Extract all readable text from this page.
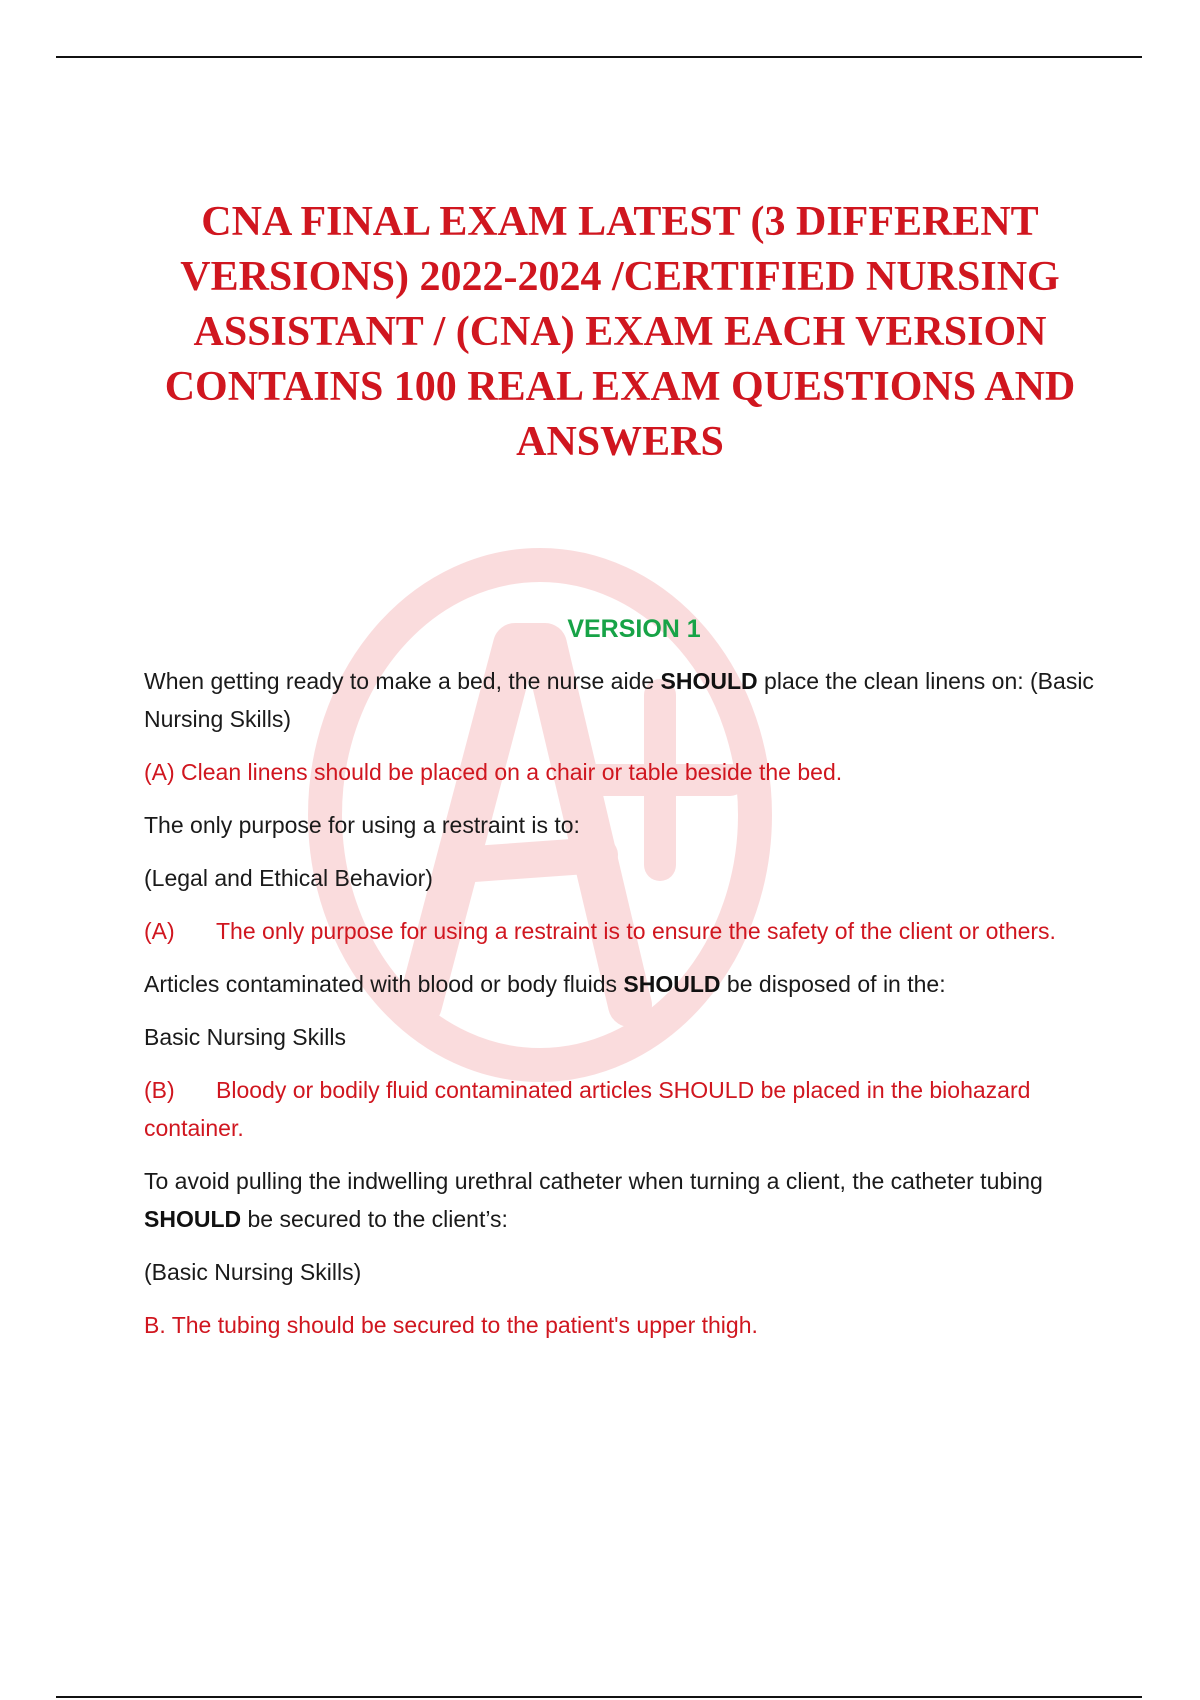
CNA FINAL EXAM LATEST (3 DIFFERENT VERSIONS) 2022-2024 /CERTIFIED NURSING ASSISTANT / (CNA) EXAM EACH VERSION CONTAINS 100 REAL EXAM QUESTIONS AND ANSWERS
VERSION 1

When getting ready to make a bed, the nurse aide SHOULD place the clean linens on: (Basic Nursing Skills)

(A) Clean linens should be placed on a chair or table beside the bed.

The only purpose for using a restraint is to:

(Legal and Ethical Behavior)

(A) The only purpose for using a restraint is to ensure the safety of the client or others.

Articles contaminated with blood or body fluids SHOULD be disposed of in the:

Basic Nursing Skills

(B) Bloody or bodily fluid contaminated articles SHOULD be placed in the biohazard container.

To avoid pulling the indwelling urethral catheter when turning a client, the catheter tubing SHOULD be secured to the client’s:

(Basic Nursing Skills)

B. The tubing should be secured to the patient's upper thigh.
